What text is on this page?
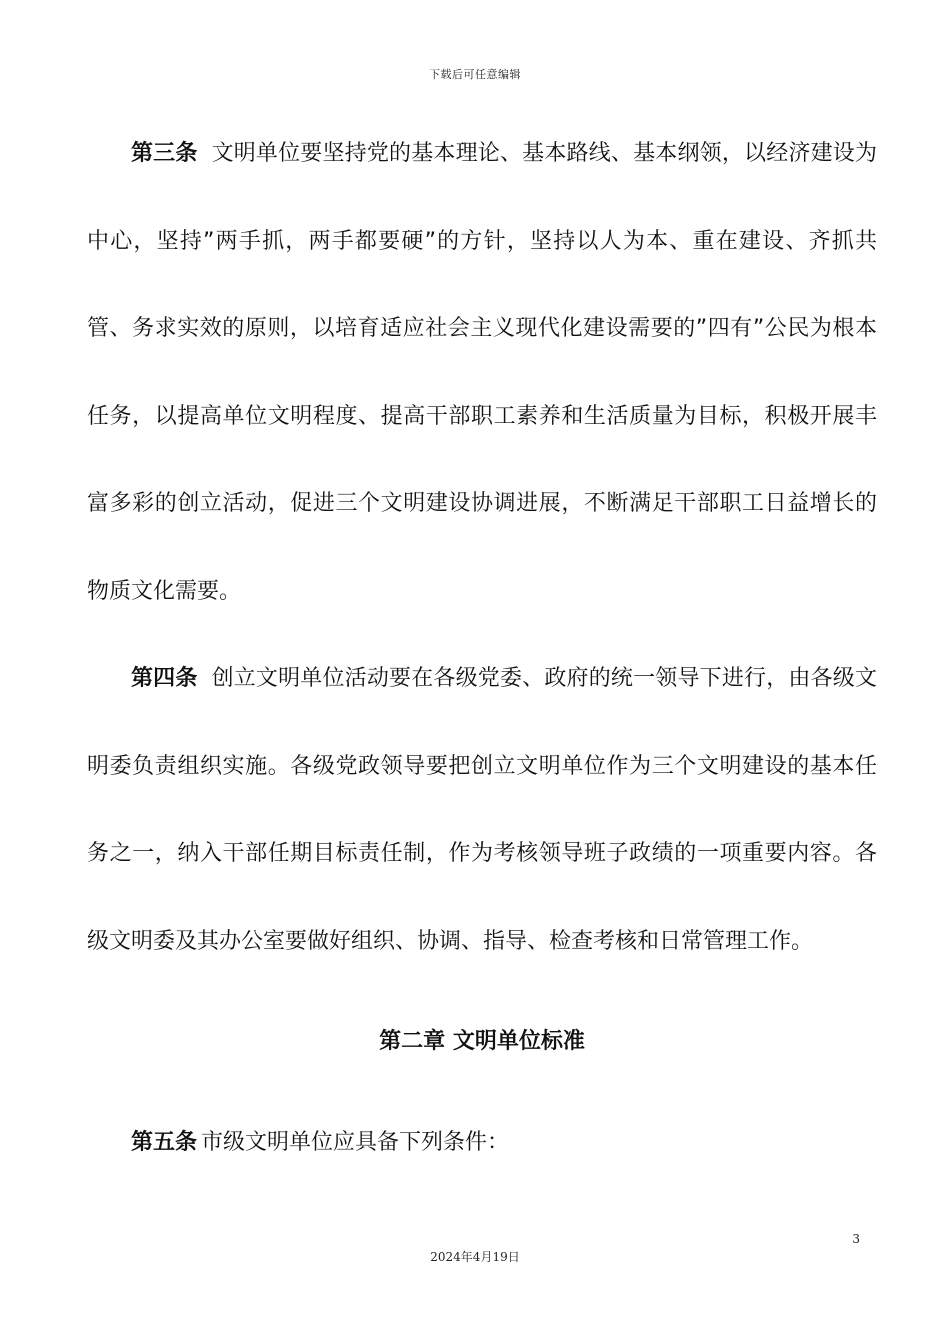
下载后可任意编辑

第三条 文明单位要坚持党的基本理论、基本路线、基本纲领，以经济建设为中心，坚持”两手抓，两手都要硬”的方针，坚持以人为本、重在建设、齐抓共管、务求实效的原则，以培育适应社会主义现代化建设需要的”四有”公民为根本任务，以提高单位文明程度、提高干部职工素养和生活质量为目标，积极开展丰富多彩的创立活动，促进三个文明建设协调进展，不断满足干部职工日益增长的物质文化需要。

第四条 创立文明单位活动要在各级党委、政府的统一领导下进行，由各级文明委负责组织实施。各级党政领导要把创立文明单位作为三个文明建设的基本任务之一，纳入干部任期目标责任制，作为考核领导班子政绩的一项重要内容。各级文明委及其办公室要做好组织、协调、指导、检查考核和日常管理工作。

第二章 文明单位标准

第五条 市级文明单位应具备下列条件：

3
2024年4月19日
